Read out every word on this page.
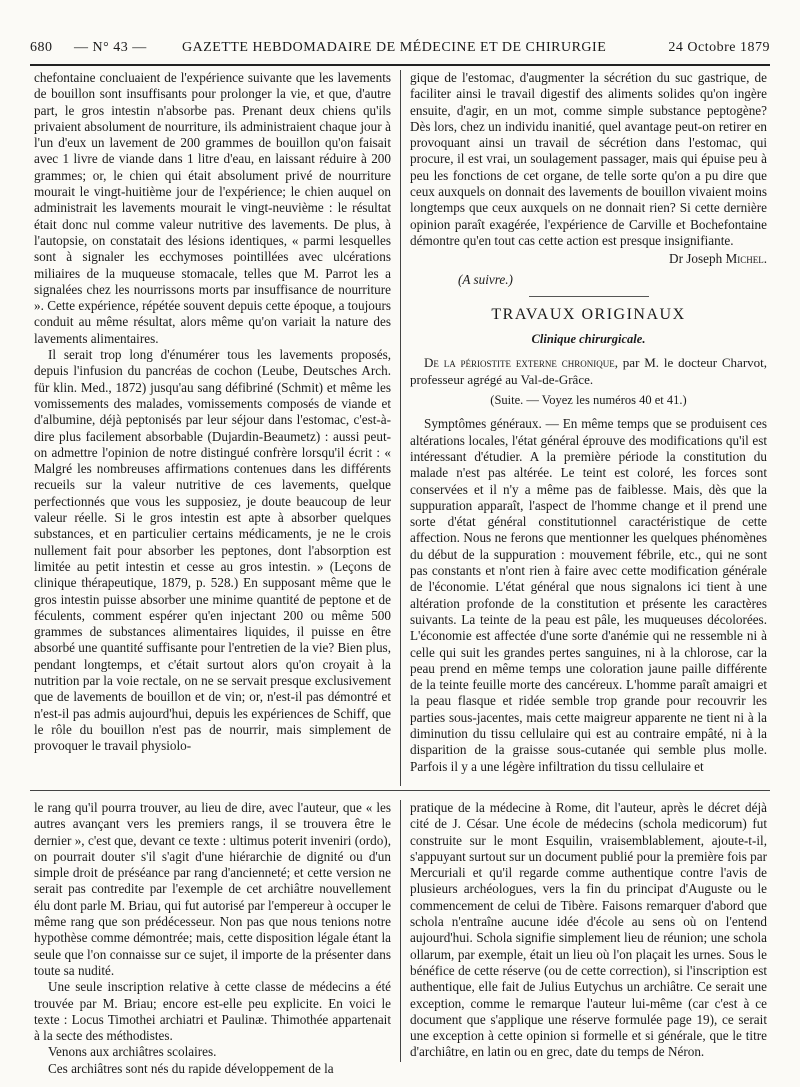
680 — N° 43 —	GAZETTE HEBDOMADAIRE DE MÉDECINE ET DE CHIRURGIE	24 Octobre 1879

chefontaine concluaient de l'expérience suivante que les lavements de bouillon sont insuffisants pour prolonger la vie, et que, d'autre part, le gros intestin n'absorbe pas. Prenant deux chiens qu'ils privaient absolument de nourriture, ils administraient chaque jour à l'un d'eux un lavement de 200 grammes de bouillon qu'on faisait avec 1 livre de viande dans 1 litre d'eau, en laissant réduire à 200 grammes; or, le chien qui était absolument privé de nourriture mourait le vingt-huitième jour de l'expérience; le chien auquel on administrait les lavements mourait le vingt-neuvième : le résultat était donc nul comme valeur nutritive des lavements. De plus, à l'autopsie, on constatait des lésions identiques, « parmi lesquelles sont à signaler les ecchymoses pointillées avec ulcérations miliaires de la muqueuse stomacale, telles que M. Parrot les a signalées chez les nourrissons morts par insuffisance de nourriture ». Cette expérience, répétée souvent depuis cette époque, a toujours conduit au même résultat, alors même qu'on variait la nature des lavements alimentaires.

Il serait trop long d'énumérer tous les lavements proposés, depuis l'infusion du pancréas de cochon (Leube, Deutsches Arch. für klin. Med., 1872) jusqu'au sang défibriné (Schmit) et même les vomissements des malades, vomissements composés de viande et d'albumine, déjà peptonisés par leur séjour dans l'estomac, c'est-à-dire plus facilement absorbable (Dujardin-Beaumetz) : aussi peut-on admettre l'opinion de notre distingué confrère lorsqu'il écrit : « Malgré les nombreuses affirmations contenues dans les différents recueils sur la valeur nutritive de ces lavements, quelque perfectionnés que vous les supposiez, je doute beaucoup de leur valeur réelle. Si le gros intestin est apte à absorber quelques substances, et en particulier certains médicaments, je ne le crois nullement fait pour absorber les peptones, dont l'absorption est limitée au petit intestin et cesse au gros intestin. » (Leçons de clinique thérapeutique, 1879, p. 528.) En supposant même que le gros intestin puisse absorber une minime quantité de peptone et de féculents, comment espérer qu'en injectant 200 ou même 500 grammes de substances alimentaires liquides, il puisse en être absorbé une quantité suffisante pour l'entretien de la vie? Bien plus, pendant longtemps, et c'était surtout alors qu'on croyait à la nutrition par la voie rectale, on ne se servait presque exclusivement que de lavements de bouillon et de vin; or, n'est-il pas démontré et n'est-il pas admis aujourd'hui, depuis les expériences de Schiff, que le rôle du bouillon n'est pas de nourrir, mais simplement de provoquer le travail physiolo-

gique de l'estomac, d'augmenter la sécrétion du suc gastrique, de faciliter ainsi le travail digestif des aliments solides qu'on ingère ensuite, d'agir, en un mot, comme simple substance peptogène? Dès lors, chez un individu inanitié, quel avantage peut-on retirer en provoquant ainsi un travail de sécrétion dans l'estomac, qui procure, il est vrai, un soulagement passager, mais qui épuise peu à peu les fonctions de cet organe, de telle sorte qu'on a pu dire que ceux auxquels on donnait des lavements de bouillon vivaient moins longtemps que ceux auxquels on ne donnait rien? Si cette dernière opinion paraît exagérée, l'expérience de Carville et Bochefontaine démontre qu'en tout cas cette action est presque insignifiante.

Dr Joseph Michel.
(A suivre.)
TRAVAUX ORIGINAUX
Clinique chirurgicale.

De la périostite externe chronique, par M. le docteur Charvot, professeur agrégé au Val-de-Grâce.

(Suite. — Voyez les numéros 40 et 41.)

Symptômes généraux. — En même temps que se produisent ces altérations locales, l'état général éprouve des modifications qu'il est intéressant d'étudier. A la première période la constitution du malade n'est pas altérée. Le teint est coloré, les forces sont conservées et il n'y a même pas de faiblesse. Mais, dès que la suppuration apparaît, l'aspect de l'homme change et il prend une sorte d'état général constitutionnel caractéristique de cette affection. Nous ne ferons que mentionner les quelques phénomènes du début de la suppuration : mouvement fébrile, etc., qui ne sont pas constants et n'ont rien à faire avec cette modification générale de l'économie. L'état général que nous signalons ici tient à une altération profonde de la constitution et présente les caractères suivants. La teinte de la peau est pâle, les muqueuses décolorées. L'économie est affectée d'une sorte d'anémie qui ne ressemble ni à celle qui suit les grandes pertes sanguines, ni à la chlorose, car la peau prend en même temps une coloration jaune paille différente de la teinte feuille morte des cancéreux. L'homme paraît amaigri et la peau flasque et ridée semble trop grande pour recouvrir les parties sous-jacentes, mais cette maigreur apparente ne tient ni à la diminution du tissu cellulaire qui est au contraire empâté, ni à la disparition de la graisse sous-cutanée qui semble plus molle. Parfois il y a une légère infiltration du tissu cellulaire et

le rang qu'il pourra trouver, au lieu de dire, avec l'auteur, que « les autres avançant vers les premiers rangs, il se trouvera être le dernier », c'est que, devant ce texte : ultimus poterit inveniri (ordo), on pourrait douter s'il s'agit d'une hiérarchie de dignité ou d'un simple droit de préséance par rang d'ancienneté; et cette version ne serait pas contredite par l'exemple de cet archiâtre nouvellement élu dont parle M. Briau, qui fut autorisé par l'empereur à occuper le même rang que son prédécesseur. Non pas que nous tenions notre hypothèse comme démontrée; mais, cette disposition légale étant la seule que l'on connaisse sur ce sujet, il importe de la présenter dans toute sa nudité.

Une seule inscription relative à cette classe de médecins a été trouvée par M. Briau; encore est-elle peu explicite. En voici le texte : Locus Timothei archiatri et Paulinæ. Thimothée appartenait à la secte des méthodistes.

Venons aux archiâtres scolaires.

Ces archiâtres sont nés du rapide développement de la

pratique de la médecine à Rome, dit l'auteur, après le décret déjà cité de J. César. Une école de médecins (schola medicorum) fut construite sur le mont Esquilin, vraisemblablement, ajoute-t-il, s'appuyant surtout sur un document publié pour la première fois par Mercuriali et qu'il regarde comme authentique contre l'avis de plusieurs archéologues, vers la fin du principat d'Auguste ou le commencement de celui de Tibère. Faisons remarquer d'abord que schola n'entraîne aucune idée d'école au sens où on l'entend aujourd'hui. Schola signifie simplement lieu de réunion; une schola ollarum, par exemple, était un lieu où l'on plaçait les urnes. Sous le bénéfice de cette réserve (ou de cette correction), si l'inscription est authentique, elle fait de Julius Eutychus un archiâtre. Ce serait une exception, comme le remarque l'auteur lui-même (car c'est à ce document que s'applique une réserve formulée page 19), ce serait une exception à cette opinion si formelle et si générale, que le titre d'archiâtre, en latin ou en grec, date du temps de Néron.
